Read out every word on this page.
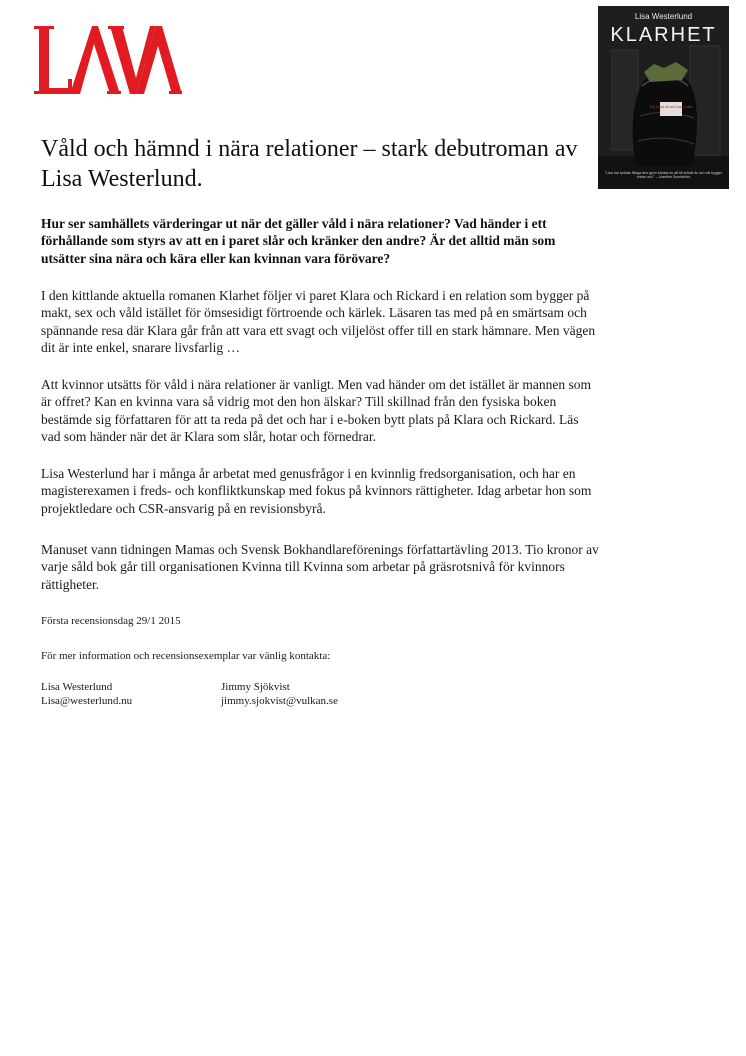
Tag Klara hit och kast i kaffe
Lisa Westerlund
KLARHET
"Lisa har lyckats fånga den grym känsla av att bli kränkt är och väl bygger dricke ord." – Josefine Sundström
Våld och hämnd i nära relationer – stark debutroman av Lisa Westerlund.

Hur ser samhällets värderingar ut när det gäller våld i nära relationer? Vad händer i ett förhållande som styrs av att en i paret slår och kränker den andre? Är det alltid män som utsätter sina nära och kära eller kan kvinnan vara förövare?

I den kittlande aktuella romanen Klarhet följer vi paret Klara och Rickard i en relation som bygger på makt, sex och våld istället för ömsesidigt förtroende och kärlek. Läsaren tas med på en smärtsam och spännande resa där Klara går från att vara ett svagt och viljelöst offer till en stark hämnare. Men vägen dit är inte enkel, snarare livsfarlig …

Att kvinnor utsätts för våld i nära relationer är vanligt. Men vad händer om det istället är mannen som är offret? Kan en kvinna vara så vidrig mot den hon älskar? Till skillnad från den fysiska boken bestämde sig författaren för att ta reda på det och har i e-boken bytt plats på Klara och Rickard. Läs vad som händer när det är Klara som slår, hotar och förnedrar.

Lisa Westerlund har i många år arbetat med genusfrågor i en kvinnlig fredsorganisation, och har en magisterexamen i freds- och konfliktkunskap med fokus på kvinnors rättigheter. Idag arbetar hon som projektledare och CSR-ansvarig på en revisionsbyrå.

Manuset vann tidningen Mamas och Svensk Bokhandlareförenings författartävling 2013. Tio kronor av varje såld bok går till organisationen Kvinna till Kvinna som arbetar på gräsrotsnivå för kvinnors rättigheter.

Första recensionsdag 29/1 2015
För mer information och recensionsexemplar var vänlig kontakta:
Lisa Westerlund
Lisa@westerlund.nu
Jimmy Sjökvist
jimmy.sjokvist@vulkan.se
